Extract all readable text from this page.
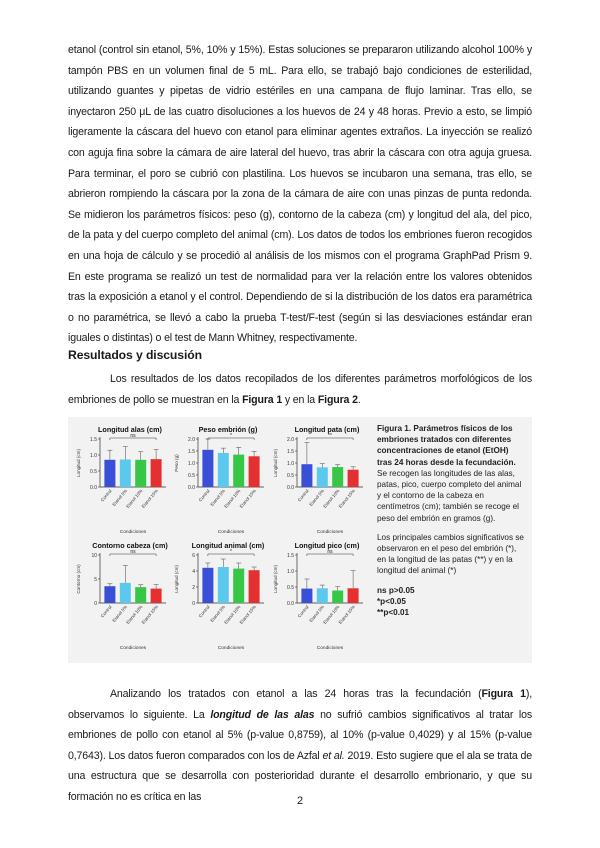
etanol (control sin etanol, 5%, 10% y 15%). Estas soluciones se prepararon utilizando alcohol 100% y tampón PBS en un volumen final de 5 mL. Para ello, se trabajó bajo condiciones de esterilidad, utilizando guantes y pipetas de vidrio estériles en una campana de flujo laminar. Tras ello, se inyectaron 250 μL de las cuatro disoluciones a los huevos de 24 y 48 horas. Previo a esto, se limpió ligeramente la cáscara del huevo con etanol para eliminar agentes extraños. La inyección se realizó con aguja fina sobre la cámara de aire lateral del huevo, tras abrir la cáscara con otra aguja gruesa. Para terminar, el poro se cubrió con plastilina. Los huevos se incubaron una semana, tras ello, se abrieron rompiendo la cáscara por la zona de la cámara de aire con unas pinzas de punta redonda. Se midieron los parámetros físicos: peso (g), contorno de la cabeza (cm) y longitud del ala, del pico, de la pata y del cuerpo completo del animal (cm). Los datos de todos los embriones fueron recogidos en una hoja de cálculo y se procedió al análisis de los mismos con el programa GraphPad Prism 9. En este programa se realizó un test de normalidad para ver la relación entre los valores obtenidos tras la exposición a etanol y el control. Dependiendo de si la distribución de los datos era paramétrica o no paramétrica, se llevó a cabo la prueba T-test/F-test (según si las desviaciones estándar eran iguales o distintas) o el test de Mann Whitney, respectivamente.

Resultados y discusión

Los resultados de los datos recopilados de los diferentes parámetros morfológicos de los embriones de pollo se muestran en la Figura 1 y en la Figura 2.

Figura 1. Parámetros físicos de los embriones tratados con diferentes concentraciones de etanol (EtOH) tras 24 horas desde la fecundación. Se recogen las longitudes de las alas, patas, pico, cuerpo completo del animal y el contorno de la cabeza en centímetros (cm); también se recoge el peso del embrión en gramos (g).

Los principales cambios significativos se observaron en el peso del embrión (*), en la longitud de las patas (**) y en la longitud del animal (*)

ns p>0.05

*p<0.05

**p<0.01

Analizando los tratados con etanol a las 24 horas tras la fecundación (Figura 1), observamos lo siguiente. La longitud de las alas no sufrió cambios significativos al tratar los embriones de pollo con etanol al 5% (p-value 0,8759), al 10% (p-value 0,4029) y al 15% (p-value 0,7643). Los datos fueron comparados con los de Azfal et al. 2019. Esto sugiere que el ala se trata de una estructura que se desarrolla con posterioridad durante el desarrollo embrionario, y que su formación no es crítica en las	2
Longitud alas (cm)
Longitud (cm)
0.0
0.5
1.0
1.5
Control
Etanol 5%
Etanol 10%
Etanol 15%
ns
Condiciones
Peso embrión (g)
Peso (g)
0.0
0.5
1.0
1.5
2.0
Control
Etanol 5%
Etanol 10%
Etanol 15%
*
Condiciones
Longitud pata (cm)
Longitud (cm)
0.0
0.5
1.0
1.5
2.0
Control
Etanol 5%
Etanol 10%
Etanol 15%
**
Condiciones
Contorno cabeza (cm)
Contorno (cm)
0
5
10
Control
Etanol 5%
Etanol 10%
Etanol 15%
ns
Condiciones
Longitud animal (cm)
Longitud (cm)
0
2
4
6
Control
Etanol 5%
Etanol 10%
Etanol 15%
*
Condiciones
Longitud pico (cm)
Longitud (cm)
0.0
0.5
1.0
1.5
Control
Etanol 5%
Etanol 10%
Etanol 15%
ns
Condiciones
